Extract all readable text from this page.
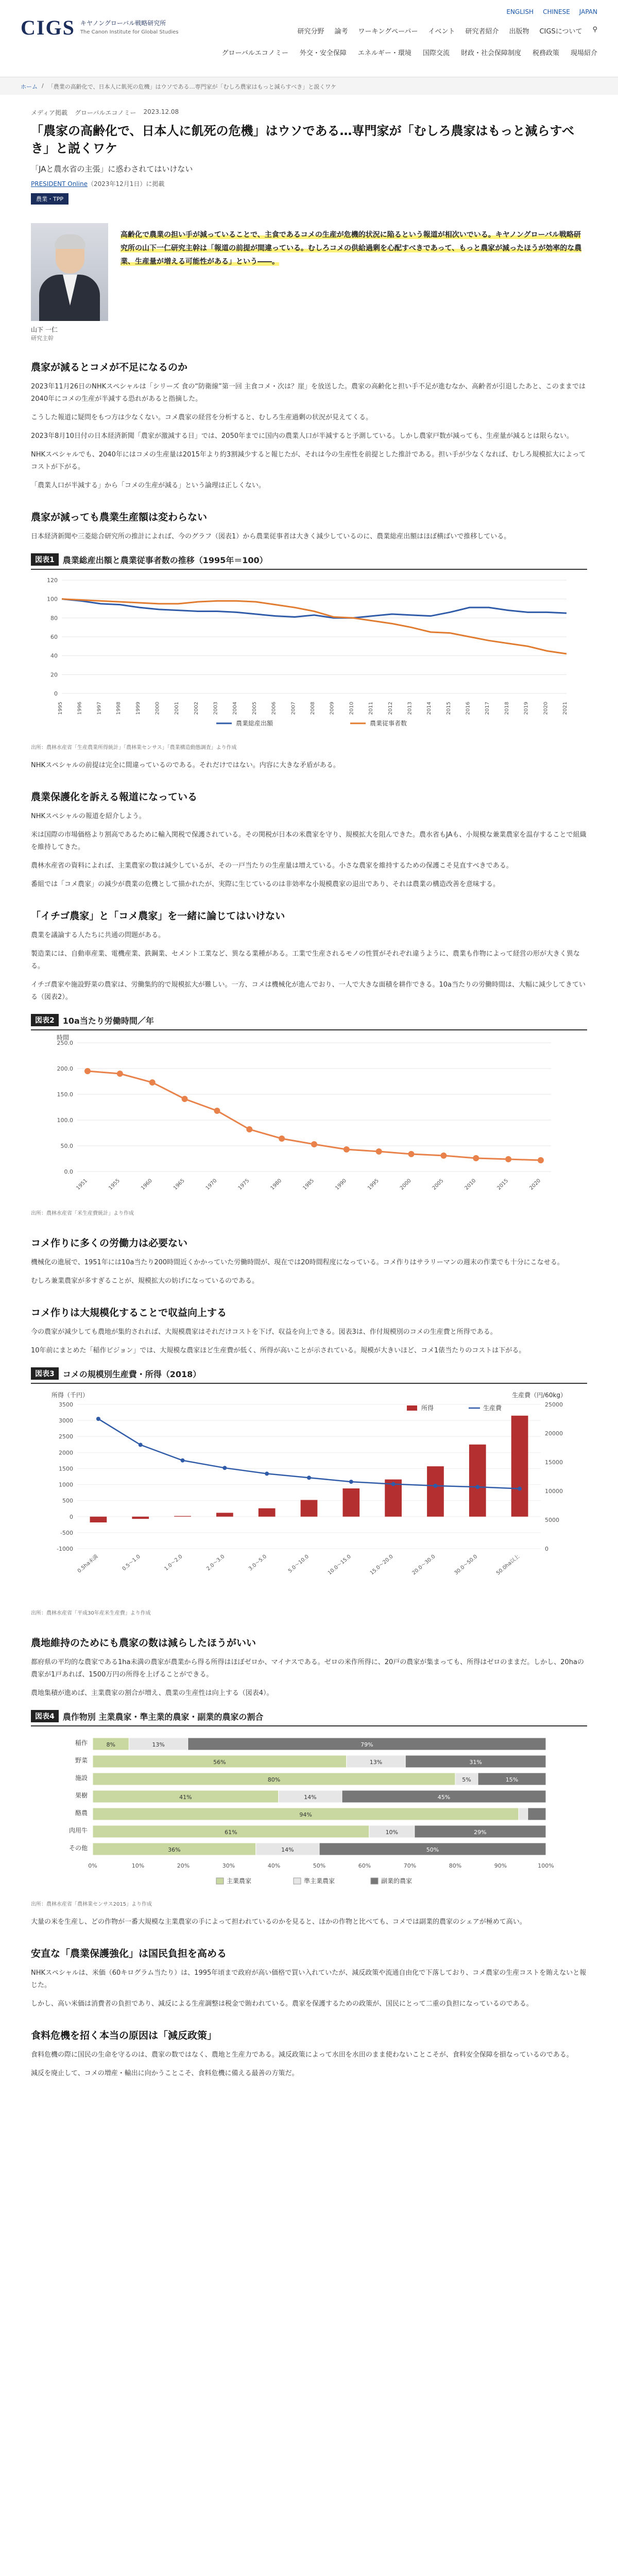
CIGS キヤノングローバル戦略研究所
The Canon Institute for Global Studies
ENGLISH CHINESE JAPAN
研究分野 論考 ワーキングペーパー イベント 研究者紹介 出版物 CIGSについて ⚲
グローバルエコノミー 外交・安全保障 エネルギー・環境 国際交流 財政・社会保障制度 税務政策 現場紹介
ホーム / 「農業の高齢化で、日本人に飢死の危機」はウソである…専門家が「むしろ農家はもっと減らすべき」と説くワケ
メディア掲載 グローバルエコノミー 2023.12.08
「農家の高齢化で、日本人に飢死の危機」はウソである…専門家が「むしろ農家はもっと減らすべき」と説くワケ
「JAと農水省の主張」に惑わされてはいけない
PRESIDENT Online（2023年12月1日）に掲載
農業・TPP
山下 一仁
研究主幹
高齢化で農業の担い手が減っていることで、主食であるコメの生産が危機的状況に陥るという報道が相次いでいる。キヤノングローバル戦略研究所の山下一仁研究主幹は「報道の前提が間違っている。むしろコメの供給過剰を心配すべきであって、もっと農家が減ったほうが効率的な農業、生産量が増える可能性がある」という――。
農家が減るとコメが不足になるのか

2023年11月26日のNHKスペシャルは「シリーズ 食の“防衛線”第一回 主食コメ・次は？崖」を放送した。農家の高齢化と担い手不足が進むなか、高齢者が引退したあと、このままでは2040年にコメの生産が半減する恐れがあると指摘した。

こうした報道に疑問をもつ方は少なくない。コメ農家の経営を分析すると、むしろ生産過剰の状況が見えてくる。

2023年8月10日付の日本経済新聞「農家が激減する日」では、2050年までに国内の農業人口が半減すると予測している。しかし農家戸数が減っても、生産量が減るとは限らない。

NHKスペシャルでも、2040年にはコメの生産量は2015年より約3割減少すると報じたが、それは今の生産性を前提とした推計である。担い手が少なくなれば、むしろ規模拡大によってコストが下がる。

「農業人口が半減する」から「コメの生産が減る」という論理は正しくない。

農家が減っても農業生産額は変わらない

日本経済新聞や三菱総合研究所の推計によれば、今のグラフ（図表1）から農業従事者は大きく減少しているのに、農業総産出額はほぼ横ばいで推移している。

図表1	農業総産出額と農業従事者数の推移（1995年＝100）
0
20
40
60
80
100
120
1995	1996	1997	1998	1999	2000	2001	2002	2003	2004	2005	2006	2007	2008	2009	2010	2011	2012	2013	2014	2015	2016	2017	2018	2019	2020	2021
農業総産出額	農業従事者数
出所：農林水産省「生産農業所得統計」「農林業センサス」「農業構造動態調査」より作成

NHKスペシャルの前提は完全に間違っているのである。それだけではない。内容に大きな矛盾がある。

農業保護化を訴える報道になっている

NHKスペシャルの報道を紹介しよう。

米は国際の市場価格より割高であるために輸入関税で保護されている。その関税が日本の米農家を守り、規模拡大を阻んできた。農水省もJAも、小規模な兼業農家を温存することで組織を維持してきた。

農林水産省の資料によれば、主業農家の数は減少しているが、その一戸当たりの生産量は増えている。小さな農家を維持するための保護こそ見直すべきである。

番組では「コメ農家」の減少が農業の危機として描かれたが、実際に生じているのは非効率な小規模農家の退出であり、それは農業の構造改善を意味する。

「イチゴ農家」と「コメ農家」を一緒に論じてはいけない

農業を議論する人たちに共通の問題がある。

製造業には、自動車産業、電機産業、鉄鋼業、セメント工業など、異なる業種がある。工業で生産されるモノの性質がそれぞれ違うように、農業も作物によって経営の形が大きく異なる。

イチゴ農家や施設野菜の農家は、労働集約的で規模拡大が難しい。一方、コメは機械化が進んでおり、一人で大きな面積を耕作できる。10a当たりの労働時間は、大幅に減少してきている（図表2）。

図表2	10a当たり労働時間／年
時間
0.0
50.0
100.0
150.0
200.0
250.0
1951	1955	1960	1965	1970	1975	1980	1985	1990	1995	2000	2005	2010	2015	2020
出所：農林水産省「米生産費統計」より作成
コメ作りに多くの労働力は必要ない

機械化の進展で、1951年には10a当たり200時間近くかかっていた労働時間が、現在では20時間程度になっている。コメ作りはサラリーマンの週末の作業でも十分にこなせる。

むしろ兼業農家が多すぎることが、規模拡大の妨げになっているのである。

コメ作りは大規模化することで収益向上する

今の農家が減少しても農地が集約されれば、大規模農家はそれだけコストを下げ、収益を向上できる。図表3は、作付規模別のコメの生産費と所得である。

10年前にまとめた「稲作ビジョン」では、大規模な農家ほど生産費が低く、所得が高いことが示されている。規模が大きいほど、コメ1俵当たりのコストは下がる。

図表3	コメの規模別生産費・所得（2018）
所得（千円）	生産費（円/60kg）
-1000
-500
0
500
1000
1500
2000
2500
3000
3500
0
5000
10000
15000
20000
25000
0.5ha未満	0.5〜1.0	1.0〜2.0	2.0〜3.0	3.0〜5.0	5.0〜10.0	10.0〜15.0	15.0〜20.0	20.0〜30.0	30.0〜50.0	50.0ha以上
所得	生産費
出所：農林水産省「平成30年産米生産費」より作成
農地維持のためにも農家の数は減らしたほうがいい

都府県の平均的な農家である1ha未満の農家が農業から得る所得はほぼゼロか、マイナスである。ゼロの米作所得に、20戸の農家が集まっても、所得はゼロのままだ。しかし、20haの農家が1戸あれば、1500万円の所得を上げることができる。

農地集積が進めば、主業農家の割合が増え、農業の生産性は向上する（図表4）。

図表4	農作物別 主業農家・準主業的農家・副業的農家の割合
稲作	8%	13%	79%
野菜	56%	13%	31%
施設	80%	5%	15%
果樹	41%	14%	45%
酪農	94%
肉用牛	61%	10%	29%
その他	36%	14%	50%
0%	10%	20%	30%	40%	50%	60%	70%	80%	90%	100%
主業農家	準主業農家	副業的農家
出所：農林水産省「農林業センサス2015」より作成

大量の米を生産し、どの作物が一番大規模な主業農家の手によって担われているのかを見ると、ほかの作物と比べても、コメでは副業的農家のシェアが極めて高い。

安直な「農業保護強化」は国民負担を高める

NHKスペシャルは、米価（60キログラム当たり）は、1995年頃まで政府が高い価格で買い入れていたが、減反政策や流通自由化で下落しており、コメ農家の生産コストを賄えないと報じた。

しかし、高い米価は消費者の負担であり、減反による生産調整は税金で賄われている。農家を保護するための政策が、国民にとって二重の負担になっているのである。

食料危機を招く本当の原因は「減反政策」

食料危機の際に国民の生命を守るのは、農家の数ではなく、農地と生産力である。減反政策によって水田を水田のまま使わないことこそが、食料安全保障を損なっているのである。

減反を廃止して、コメの増産・輸出に向かうことこそ、食料危機に備える最善の方策だ。
